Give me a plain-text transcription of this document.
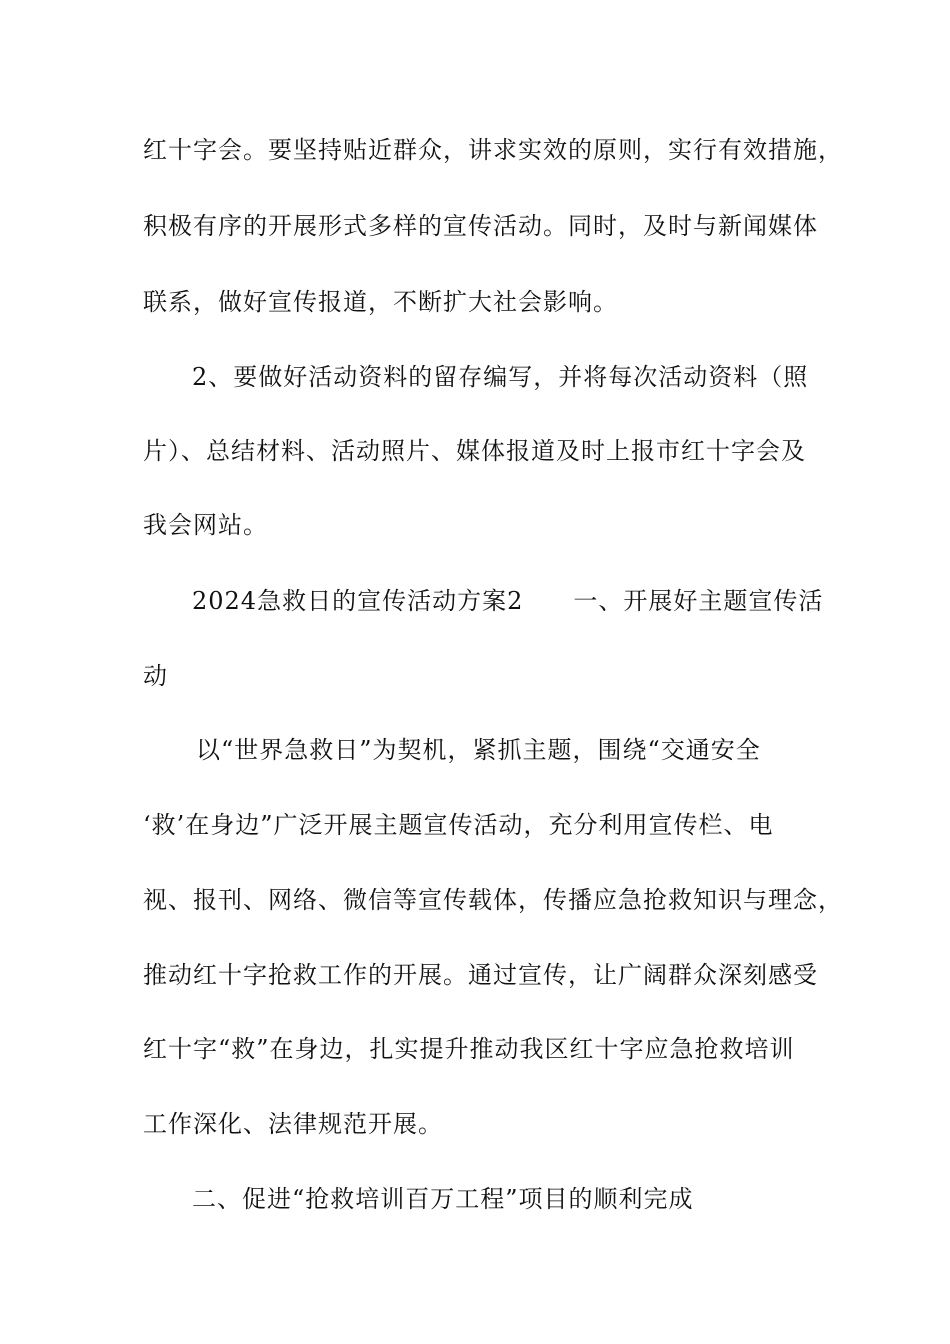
红十字会。要坚持贴近群众，讲求实效的原则，实行有效措施，
积极有序的开展形式多样的宣传活动。同时，及时与新闻媒体
联系，做好宣传报道，不断扩大社会影响。
2、要做好活动资料的留存编写，并将每次活动资料（照
片）、总结材料、活动照片、媒体报道及时上报市红十字会及
我会网站。
2024急救日的宣传活动方案2　　一、开展好主题宣传活
动
以“世界急救日”为契机，紧抓主题，围绕“交通安全
‘救’在身边”广泛开展主题宣传活动，充分利用宣传栏、电
视、报刊、网络、微信等宣传载体，传播应急抢救知识与理念，
推动红十字抢救工作的开展。通过宣传，让广阔群众深刻感受
红十字“救”在身边，扎实提升推动我区红十字应急抢救培训
工作深化、法律规范开展。
二、促进“抢救培训百万工程”项目的顺利完成
